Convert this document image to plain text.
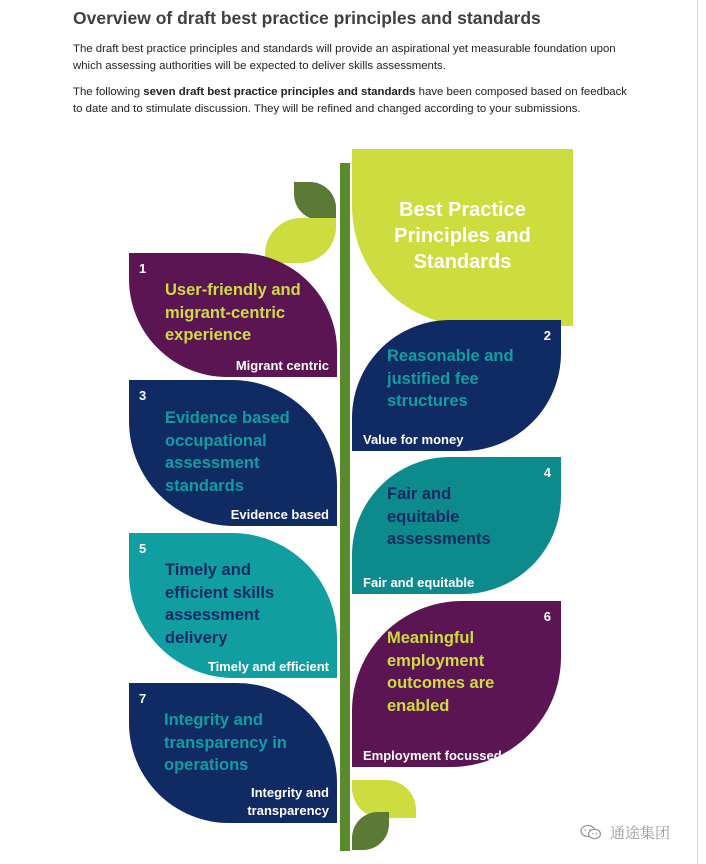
Overview of draft best practice principles and standards

The draft best practice principles and standards will provide an aspirational yet measurable foundation upon which assessing authorities will be expected to deliver skills assessments.

The following seven draft best practice principles and standards have been composed based on feedback to date and to stimulate discussion. They will be refined and changed according to your submissions.

Best Practice
Principles and
Standards
1
User-friendly and
migrant-centric
experience
Migrant centric
2
Reasonable and
justified fee
structures
Value for money
3
Evidence based
occupational
assessment
standards
Evidence based
4
Fair and
equitable
assessments
Fair and equitable
5
Timely and
efficient skills
assessment
delivery
Timely and efficient
6
Meaningful
employment
outcomes are
enabled
Employment focussed
7
Integrity and
transparency in
operations
Integrity and
transparency
通途集团
